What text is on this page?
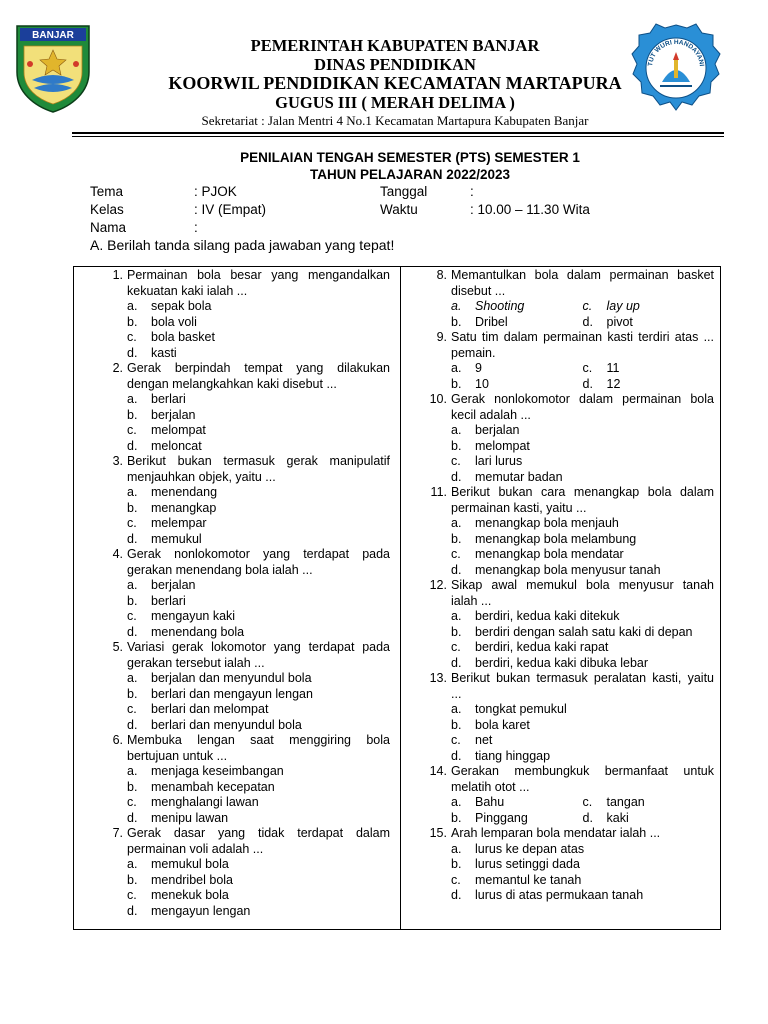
BANJAR
TUT WURI HANDAYANI
PEMERINTAH KABUPATEN BANJAR
DINAS PENDIDIKAN
KOORWIL PENDIDIKAN KECAMATAN MARTAPURA
GUGUS III ( MERAH DELIMA )
Sekretariat : Jalan Mentri 4 No.1 Kecamatan Martapura Kabupaten Banjar
PENILAIAN TENGAH SEMESTER (PTS) SEMESTER 1
TAHUN PELAJARAN 2022/2023
Tema	: PJOK	Tanggal	:
Kelas	: IV (Empat)	Waktu	: 10.00 – 11.30 Wita
Nama	:
A. Berilah tanda silang pada jawaban yang tepat!
1. Permainan bola besar yang mengandalkan kekuatan kaki ialah ...
a.	sepak bola
b.	bola voli
c.	bola basket
d.	kasti
2. Gerak berpindah tempat yang dilakukan dengan melangkahkan kaki disebut ...
a.	berlari
b.	berjalan
c.	melompat
d.	meloncat
3. Berikut bukan termasuk gerak manipulatif menjauhkan objek, yaitu ...
a.	menendang
b.	menangkap
c.	melempar
d.	memukul
4. Gerak nonlokomotor yang terdapat pada gerakan menendang bola ialah ...
a.	berjalan
b.	berlari
c.	mengayun kaki
d.	menendang bola
5. Variasi gerak lokomotor yang terdapat pada gerakan tersebut ialah ...
a.	berjalan dan menyundul bola
b.	berlari dan mengayun lengan
c.	berlari dan melompat
d.	berlari dan menyundul bola
6. Membuka lengan saat menggiring bola bertujuan untuk ...
a.	menjaga keseimbangan
b.	menambah kecepatan
c.	menghalangi lawan
d.	menipu lawan
7. Gerak dasar yang tidak terdapat dalam permainan voli adalah ...
a.	memukul bola
b.	mendribel bola
c.	menekuk bola
d.	mengayun lengan
8. Memantulkan bola dalam permainan basket disebut ...
a.	Shooting	c.	lay up
b.	Dribel	d.	pivot
9. Satu tim dalam permainan kasti terdiri atas ... pemain.
a.	9	c.	11
b.	10	d.	12
10. Gerak nonlokomotor dalam permainan bola kecil adalah ...
a.	berjalan
b.	melompat
c.	lari lurus
d.	memutar badan
11. Berikut bukan cara menangkap bola dalam permainan kasti, yaitu ...
a.	menangkap bola menjauh
b.	menangkap bola melambung
c.	menangkap bola mendatar
d.	menangkap bola menyusur tanah
12. Sikap awal memukul bola menyusur tanah ialah ...
a.	berdiri, kedua kaki ditekuk
b.	berdiri dengan salah satu kaki di depan
c.	berdiri, kedua kaki rapat
d.	berdiri, kedua kaki dibuka lebar
13. Berikut bukan termasuk peralatan kasti, yaitu ...
a.	tongkat pemukul
b.	bola karet
c.	net
d.	tiang hinggap
14. Gerakan membungkuk bermanfaat untuk melatih otot ...
a.	Bahu	c.	tangan
b.	Pinggang	d.	kaki
15. Arah lemparan bola mendatar ialah ...
a.	lurus ke depan atas
b.	lurus setinggi dada
c.	memantul ke tanah
d.	lurus di atas permukaan tanah
